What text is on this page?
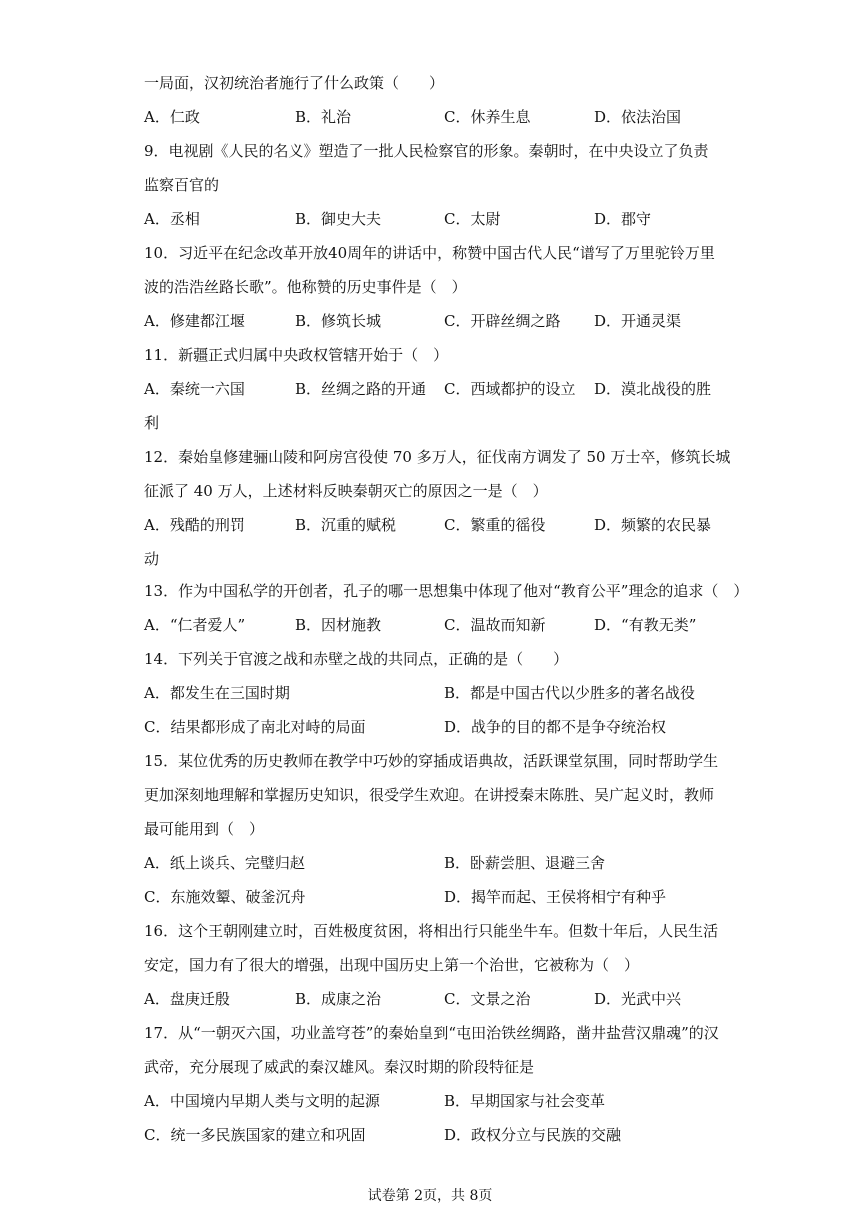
一局面，汉初统治者施行了什么政策（　　）
A．仁政	B．礼治	C．休养生息	D．依法治国
9．电视剧《人民的名义》塑造了一批人民检察官的形象。秦朝时，在中央设立了负责
监察百官的
A．丞相	B．御史大夫	C．太尉	D．郡守
10．习近平在纪念改革开放40周年的讲话中，称赞中国古代人民“谱写了万里驼铃万里
波的浩浩丝路长歌”。他称赞的历史事件是（　）
A．修建都江堰	B．修筑长城	C．开辟丝绸之路 D．开通灵渠
11．新疆正式归属中央政权管辖开始于（　）
A．秦统一六国	B．丝绸之路的开通 C．西域都护的设立 D．漠北战役的胜
利
12．秦始皇修建骊山陵和阿房宫役使 70 多万人，征伐南方调发了 50 万士卒，修筑长城
征派了 40 万人，上述材料反映秦朝灭亡的原因之一是（　）
A．残酷的刑罚	B．沉重的赋税	C．繁重的徭役	D．频繁的农民暴
动
13．作为中国私学的开创者，孔子的哪一思想集中体现了他对“教育公平”理念的追求（　）
A．“仁者爱人”	B．因材施教	C．温故而知新	D．“有教无类”
14．下列关于官渡之战和赤壁之战的共同点，正确的是（　　）
A．都发生在三国时期	B．都是中国古代以少胜多的著名战役
C．结果都形成了南北对峙的局面	D．战争的目的都不是争夺统治权
15．某位优秀的历史教师在教学中巧妙的穿插成语典故，活跃课堂氛围，同时帮助学生
更加深刻地理解和掌握历史知识，很受学生欢迎。在讲授秦末陈胜、吴广起义时，教师
最可能用到（　）
A．纸上谈兵、完璧归赵	B．卧薪尝胆、退避三舍
C．东施效颦、破釜沉舟	D．揭竿而起、王侯将相宁有种乎
16．这个王朝刚建立时，百姓极度贫困，将相出行只能坐牛车。但数十年后，人民生活
安定，国力有了很大的增强，出现中国历史上第一个治世，它被称为（　）
A．盘庚迁殷	B．成康之治	C．文景之治	D．光武中兴
17．从“一朝灭六国，功业盖穹苍”的秦始皇到“屯田治铁丝绸路，凿井盐营汉鼎魂”的汉
武帝，充分展现了威武的秦汉雄风。秦汉时期的阶段特征是
A．中国境内早期人类与文明的起源	B．早期国家与社会变革
C．统一多民族国家的建立和巩固	D．政权分立与民族的交融
试卷第 2页，共 8页
